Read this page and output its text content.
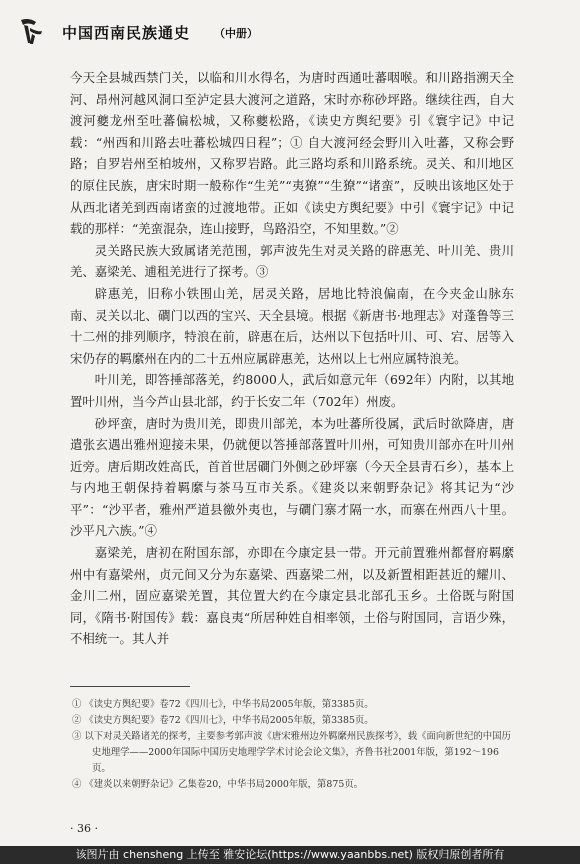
中国西南民族通史 （中册）

今天全县城西禁门关，以临和川水得名，为唐时西通吐蕃咽喉。和川路指溯天全河、昂州河越风洞口至泸定县大渡河之道路，宋时亦称砂坪路。继续往西，自大渡河夔龙州至吐蕃偏松城，又称夔松路，《读史方舆纪要》引《寰宇记》中记载：“州西和川路去吐蕃松城四日程”；① 自大渡河经会野川入吐蕃，又称会野路；自罗岩州至柏坡州，又称罗岩路。此三路均系和川路系统。灵关、和川地区的原住民族，唐宋时期一般称作“生羌”“夷獠”“生獠”“诸蛮”，反映出该地区处于从西北诸羌到西南诸蛮的过渡地带。正如《读史方舆纪要》中引《寰宇记》中记载的那样：“羌蛮混杂，连山接野，鸟路沿空，不知里数。”②

灵关路民族大致属诸羌范围，郭声波先生对灵关路的辟惠羌、叶川羌、贵川羌、嘉梁羌、逋租羌进行了探考。③

辟惠羌，旧称小铁围山羌，居灵关路，居地比特浪偏南，在今夹金山脉东南、灵关以北、磵门以西的宝兴、天全县境。根据《新唐书·地理志》对蓬鲁等三十二州的排列顺序，特浪在前，辟惠在后，达州以下包括叶川、可、宕、居等入宋仍存的羁縻州在内的二十五州应属辟惠羌，达州以上七州应属特浪羌。

叶川羌，即答捶部落羌，约8000人，武后如意元年（692年）内附，以其地置叶川州，当今芦山县北部，约于长安二年（702年）州废。

砂坪蛮，唐时为贵川羌，即贵川部羌，本为吐蕃所役属，武后时欲降唐，唐遣张玄遇出雅州迎接未果，仍就便以答捶部落置叶川州，可知贵川部亦在叶川州近旁。唐后期改姓高氏，首首世居磵门外侧之砂坪寨（今天全县青石乡），基本上与内地王朝保持着羁縻与茶马互市关系。《建炎以来朝野杂记》将其记为“沙平”：“沙平者，雅州严道县徼外夷也，与磵门寨才隔一水，而寨在州西八十里。沙平凡六族。”④

嘉梁羌，唐初在附国东部，亦即在今康定县一带。开元前置雅州都督府羁縻州中有嘉梁州，贞元间又分为东嘉梁、西嘉梁二州，以及新置相距甚近的耀川、金川二州，固应嘉梁羌置，其位置大约在今康定县北部孔玉乡。土俗既与附国同，《隋书·附国传》载：嘉良夷“所居种姓自相率领，土俗与附国同，言语少殊，不相统一。其人并

① 《读史方舆纪要》卷72《四川七》，中华书局2005年版，第3385页。

② 《读史方舆纪要》卷72《四川七》，中华书局2005年版，第3385页。

③ 以下对灵关路诸羌的探考，主要参考郭声波《唐宋雅州边外羁縻州民族探考》，载《面向新世纪的中国历史地理学——2000年国际中国历史地理学学术讨论会论文集》，齐鲁书社2001年版，第192～196页。

④ 《建炎以来朝野杂记》乙集卷20，中华书局2000年版，第875页。

· 36 ·
该图片由 chensheng 上传至 雅安论坛(https://www.yaanbbs.net) 版权归原创者所有
